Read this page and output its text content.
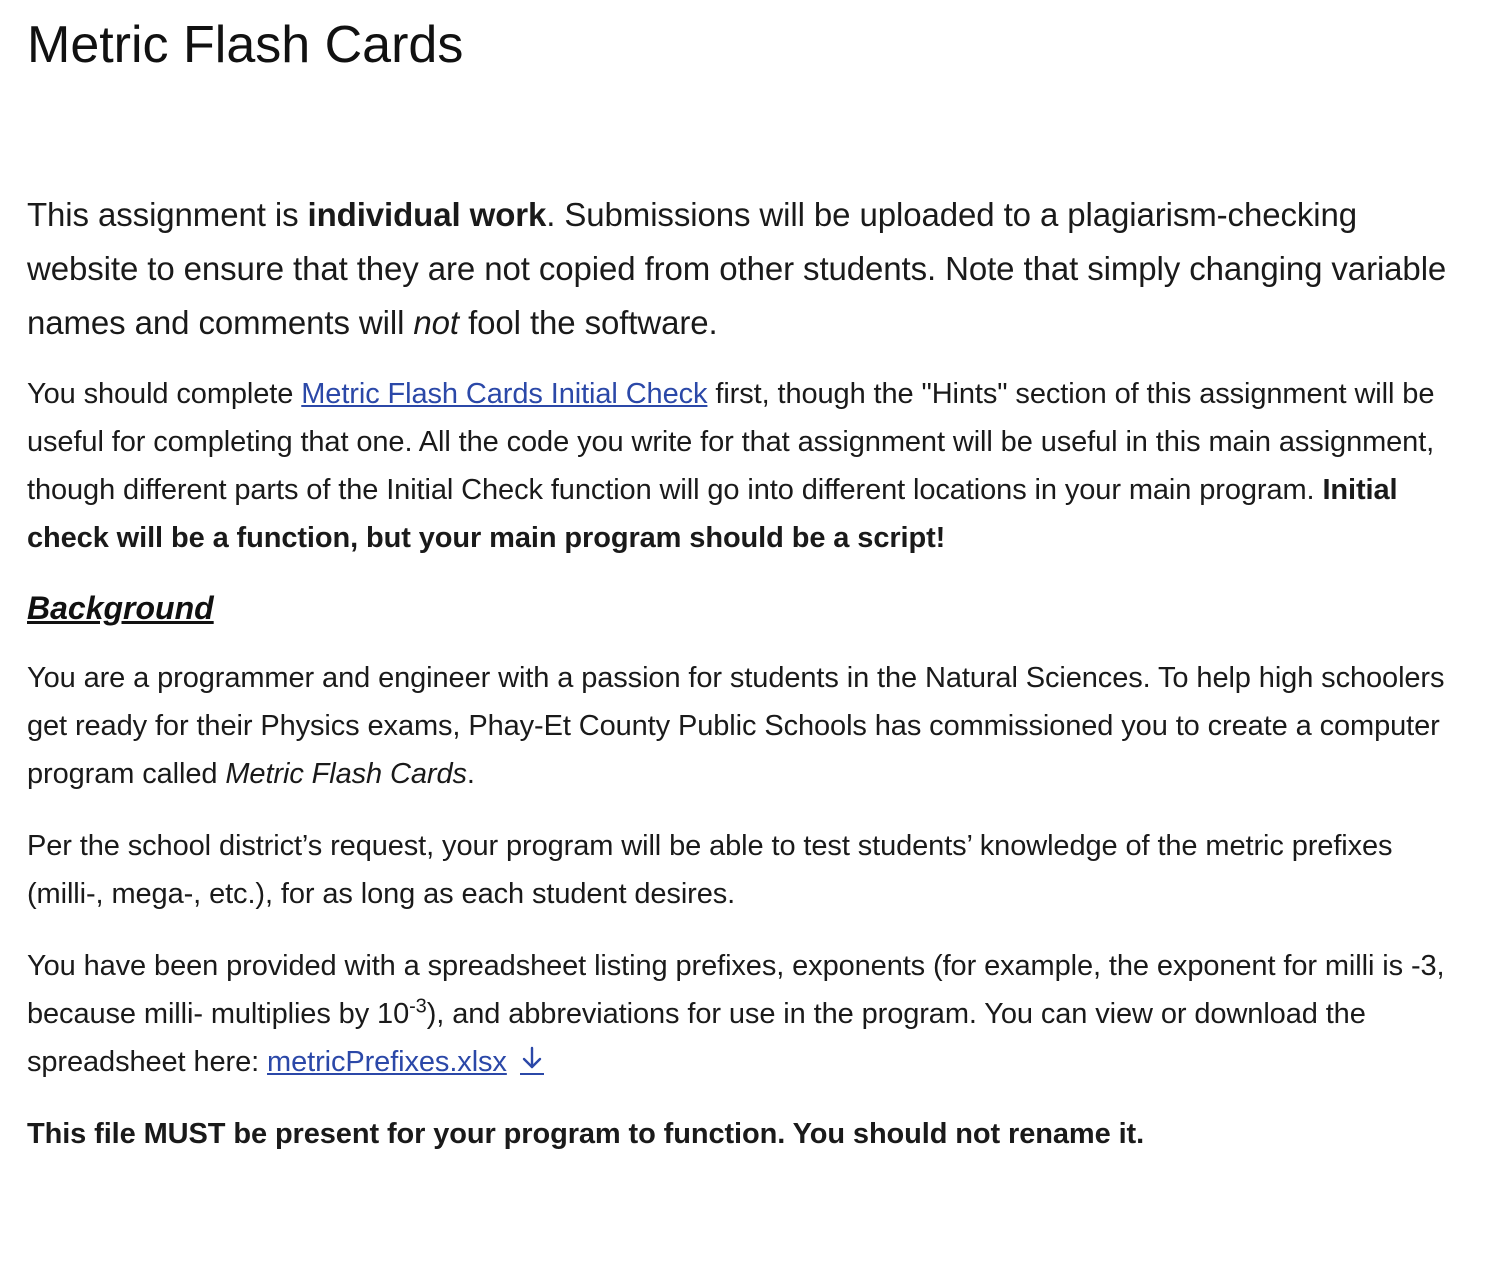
Metric Flash Cards

This assignment is individual work. Submissions will be uploaded to a plagiarism-checking website to ensure that they are not copied from other students. Note that simply changing variable names and comments will not fool the software.

You should complete Metric Flash Cards Initial Check first, though the "Hints" section of this assignment will be useful for completing that one. All the code you write for that assignment will be useful in this main assignment, though different parts of the Initial Check function will go into different locations in your main program. Initial check will be a function, but your main program should be a script!

Background

You are a programmer and engineer with a passion for students in the Natural Sciences. To help high schoolers get ready for their Physics exams, Phay-Et County Public Schools has commissioned you to create a computer program called Metric Flash Cards.

Per the school district’s request, your program will be able to test students’ knowledge of the metric prefixes (milli-, mega-, etc.), for as long as each student desires.

You have been provided with a spreadsheet listing prefixes, exponents (for example, the exponent for milli is -3, because milli- multiplies by $10^{-3}$), and abbreviations for use in the program. You can view or download the spreadsheet here: metricPrefixes.xlsx

This file MUST be present for your program to function. You should not rename it.
